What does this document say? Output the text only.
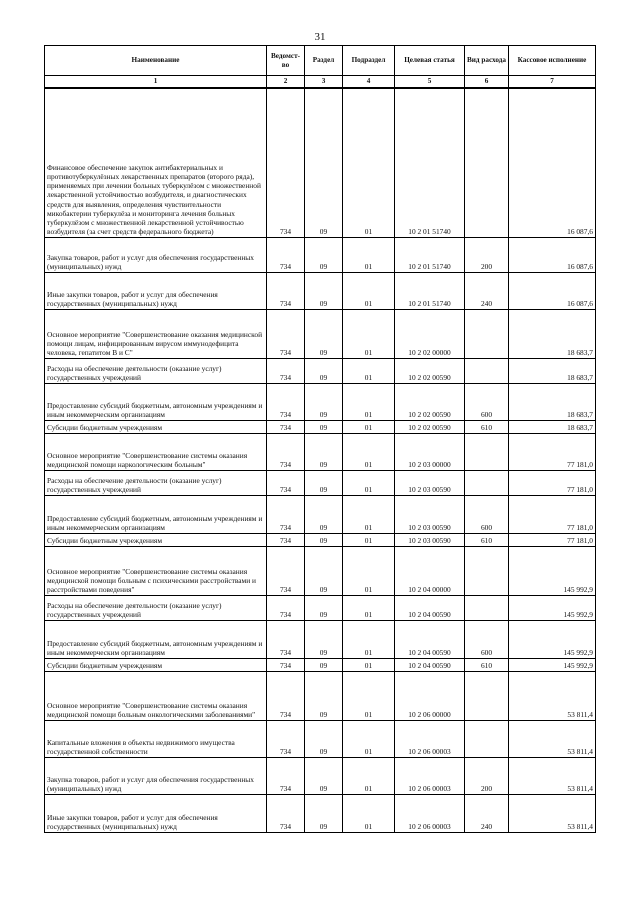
31
Наименование	Ведомст-во	Раздел	Подраздел	Целевая статья	Вид расхода	Кассовое исполнение
1	2	3	4	5	6	7
Финансовое обеспечение закупок антибактериальных и противотуберкулёзных лекарственных препаратов (второго ряда), применяемых при лечении больных туберкулёзом с множественной лекарственной устойчивостью возбудителя, и диагностических средств для выявления, определения чувствительности микобактерии туберкулёза и мониторинга лечения больных туберкулёзом с множественной лекарственной устойчивостью возбудителя (за счет средств федерального бюджета)	734	09	01	10 2 01 51740		16 087,6
Закупка товаров, работ и услуг для обеспечения государственных (муниципальных) нужд	734	09	01	10 2 01 51740	200	16 087,6
Иные закупки товаров, работ и услуг для обеспечения государственных (муниципальных) нужд	734	09	01	10 2 01 51740	240	16 087,6
Основное мероприятие "Совершенствование оказания медицинской помощи лицам, инфицированным вирусом иммунодефицита человека, гепатитом В и С"	734	09	01	10 2 02 00000		18 683,7
Расходы на обеспечение деятельности (оказание услуг) государственных учреждений	734	09	01	10 2 02 00590		18 683,7
Предоставление субсидий бюджетным, автономным учреждениям и иным некоммерческим организациям	734	09	01	10 2 02 00590	600	18 683,7
Субсидии бюджетным учреждениям	734	09	01	10 2 02 00590	610	18 683,7
Основное мероприятие "Совершенствование системы оказания медицинской помощи наркологическим больным"	734	09	01	10 2 03 00000		77 181,0
Расходы на обеспечение деятельности (оказание услуг) государственных учреждений	734	09	01	10 2 03 00590		77 181,0
Предоставление субсидий бюджетным, автономным учреждениям и иным некоммерческим организациям	734	09	01	10 2 03 00590	600	77 181,0
Субсидии бюджетным учреждениям	734	09	01	10 2 03 00590	610	77 181,0
Основное мероприятие "Совершенствование системы оказания медицинской помощи больным с психическими расстройствами и расстройствами поведения"	734	09	01	10 2 04 00000		145 992,9
Расходы на обеспечение деятельности (оказание услуг) государственных учреждений	734	09	01	10 2 04 00590		145 992,9
Предоставление субсидий бюджетным, автономным учреждениям и иным некоммерческим организациям	734	09	01	10 2 04 00590	600	145 992,9
Субсидии бюджетным учреждениям	734	09	01	10 2 04 00590	610	145 992,9
Основное мероприятие "Совершенствование системы оказания медицинской помощи больным онкологическими заболеваниями"	734	09	01	10 2 06 00000		53 811,4
Капитальные вложения в объекты недвижимого имущества государственной собственности	734	09	01	10 2 06 00003		53 811,4
Закупка товаров, работ и услуг для обеспечения государственных (муниципальных) нужд	734	09	01	10 2 06 00003	200	53 811,4
Иные закупки товаров, работ и услуг для обеспечения государственных (муниципальных) нужд	734	09	01	10 2 06 00003	240	53 811,4
